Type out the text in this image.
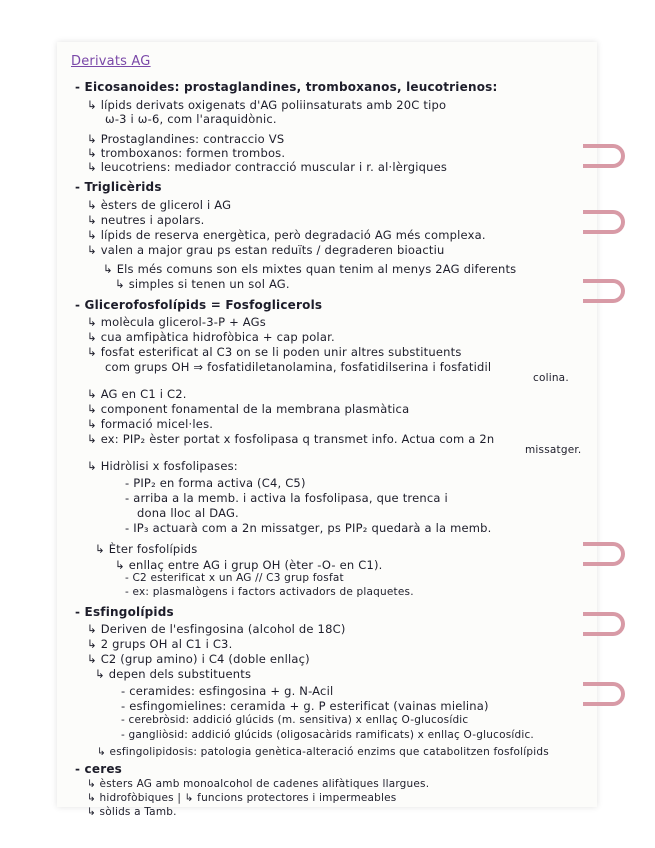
Derivats AG
- Eicosanoides: prostaglandines, tromboxanos, leucotrienos:
↳ lípids derivats oxigenats d'AG poliinsaturats amb 20C tipo
ω-3 i ω-6, com l'araquidònic.
↳ Prostaglandines: contraccio VS
↳ tromboxanos: formen trombos.
↳ leucotriens: mediador contracció muscular i r. al·lèrgiques
- Triglicèrids
↳ èsters de glicerol i AG
↳ neutres i apolars.
↳ lípids de reserva energètica, però degradació AG més complexa.
↳ valen a major grau ps estan reduïts / degraderen bioactiu
↳ Els més comuns son els mixtes quan tenim al menys 2AG diferents
↳ simples si tenen un sol AG.
- Glicerofosfolípids = Fosfoglicerols
↳ molècula glicerol-3-P + AGs
↳ cua amfipàtica hidrofòbica + cap polar.
↳ fosfat esterificat al C3 on se li poden unir altres substituents
com grups OH ⇒ fosfatidiletanolamina, fosfatidilserina i fosfatidil
colina.
↳ AG en C1 i C2.
↳ component fonamental de la membrana plasmàtica
↳ formació micel·les.
↳ ex: PIP₂ èster portat x fosfolipasa q transmet info. Actua com a 2n
missatger.
↳ Hidròlisi x fosfolipases:
- PIP₂ en forma activa (C4, C5)
- arriba a la memb. i activa la fosfolipasa, que trenca i
dona lloc al DAG.
- IP₃ actuarà com a 2n missatger, ps PIP₂ quedarà a la memb.
↳ Èter fosfolípids
↳ enllaç entre AG i grup OH (èter -O- en C1).
- C2 esterificat x un AG // C3 grup fosfat
- ex: plasmalògens i factors activadors de plaquetes.
- Esfingolípids
↳ Deriven de l'esfingosina (alcohol de 18C)
↳ 2 grups OH al C1 i C3.
↳ C2 (grup amino) i C4 (doble enllaç)
↳ depen dels substituents
- ceramides: esfingosina + g. N-Acil
- esfingomielines: ceramida + g. P esterificat (vainas mielina)
- cerebròsid: addició glúcids (m. sensitiva) x enllaç O-glucosídic
- gangliòsid: addició glúcids (oligosacàrids ramificats) x enllaç O-glucosídic.
↳ esfingolipidosis: patologia genètica-alteració enzims que catabolitzen fosfolípids
- ceres
↳ èsters AG amb monoalcohol de cadenes alifàtiques llargues.
↳ hidrofòbiques | ↳ funcions protectores i impermeables
↳ sòlids a Tamb.
